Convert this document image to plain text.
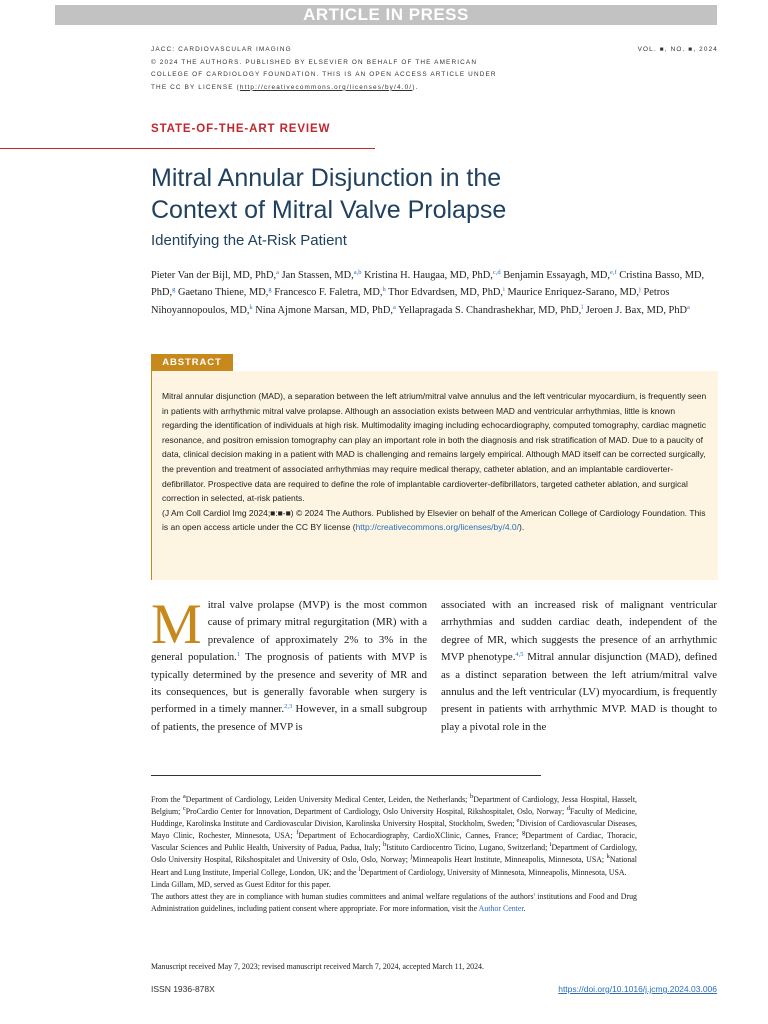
ARTICLE IN PRESS
JACC: CARDIOVASCULAR IMAGING
© 2024 THE AUTHORS. PUBLISHED BY ELSEVIER ON BEHALF OF THE AMERICAN
COLLEGE OF CARDIOLOGY FOUNDATION. THIS IS AN OPEN ACCESS ARTICLE UNDER
THE CC BY LICENSE (http://creativecommons.org/licenses/by/4.0/).
VOL. ■, NO. ■, 2024
STATE-OF-THE-ART REVIEW
Mitral Annular Disjunction in the
Context of Mitral Valve Prolapse
Identifying the At-Risk Patient
Pieter Van der Bijl, MD, PhD,$^a$ Jan Stassen, MD,$^{a,b}$ Kristina H. Haugaa, MD, PhD,$^{c,d}$ Benjamin Essayagh, MD,$^{e,f}$ Cristina Basso, MD, PhD,$^g$ Gaetano Thiene, MD,$^g$ Francesco F. Faletra, MD,$^h$ Thor Edvardsen, MD, PhD,$^i$ Maurice Enriquez-Sarano, MD,$^j$ Petros Nihoyannopoulos, MD,$^k$ Nina Ajmone Marsan, MD, PhD,$^a$ Yellapragada S. Chandrashekhar, MD, PhD,$^l$ Jeroen J. Bax, MD, PhD$^a$
ABSTRACT
Mitral annular disjunction (MAD), a separation between the left atrium/mitral valve annulus and the left ventricular myocardium, is frequently seen in patients with arrhythmic mitral valve prolapse. Although an association exists between MAD and ventricular arrhythmias, little is known regarding the identification of individuals at high risk. Multimodality imaging including echocardiography, computed tomography, cardiac magnetic resonance, and positron emission tomography can play an important role in both the diagnosis and risk stratification of MAD. Due to a paucity of data, clinical decision making in a patient with MAD is challenging and remains largely empirical. Although MAD itself can be corrected surgically, the prevention and treatment of associated arrhythmias may require medical therapy, catheter ablation, and an implantable cardioverter-defibrillator. Prospective data are required to define the role of implantable cardioverter-defibrillators, targeted catheter ablation, and surgical correction in selected, at-risk patients.
(J Am Coll Cardiol Img 2024;■:■-■) © 2024 The Authors. Published by Elsevier on behalf of the American College of Cardiology Foundation. This is an open access article under the CC BY license (http://creativecommons.org/licenses/by/4.0/).
Mitral valve prolapse (MVP) is the most common cause of primary mitral regurgitation (MR) with a prevalence of approximately 2% to 3% in the general population.$^1$ The prognosis of patients with MVP is typically determined by the presence and severity of MR and its consequences, but is generally favorable when surgery is performed in a timely manner.$^{2,3}$ However, in a small subgroup of patients, the presence of MVP is
associated with an increased risk of malignant ventricular arrhythmias and sudden cardiac death, independent of the degree of MR, which suggests the presence of an arrhythmic MVP phenotype.$^{4,5}$ Mitral annular disjunction (MAD), defined as a distinct separation between the left atrium/mitral valve annulus and the left ventricular (LV) myocardium, is frequently present in patients with arrhythmic MVP. MAD is thought to play a pivotal role in the

From the $^a$Department of Cardiology, Leiden University Medical Center, Leiden, the Netherlands; $^b$Department of Cardiology, Jessa Hospital, Hasselt, Belgium; $^c$ProCardio Center for Innovation, Department of Cardiology, Oslo University Hospital, Rikshospitalet, Oslo, Norway; $^d$Faculty of Medicine, Huddinge, Karolinska Institute and Cardiovascular Division, Karolinska University Hospital, Stockholm, Sweden; $^e$Division of Cardiovascular Diseases, Mayo Clinic, Rochester, Minnesota, USA; $^f$Department of Echocardiography, CardioXClinic, Cannes, France; $^g$Department of Cardiac, Thoracic, Vascular Sciences and Public Health, University of Padua, Padua, Italy; $^h$Istituto Cardiocentro Ticino, Lugano, Switzerland; $^i$Department of Cardiology, Oslo University Hospital, Rikshospitalet and University of Oslo, Oslo, Norway; $^j$Minneapolis Heart Institute, Minneapolis, Minnesota, USA; $^k$National Heart and Lung Institute, Imperial College, London, UK; and the $^l$Department of Cardiology, University of Minnesota, Minneapolis, Minnesota, USA.

Linda Gillam, MD, served as Guest Editor for this paper.

The authors attest they are in compliance with human studies committees and animal welfare regulations of the authors' institutions and Food and Drug Administration guidelines, including patient consent where appropriate. For more information, visit the Author Center.

Manuscript received May 7, 2023; revised manuscript received March 7, 2024, accepted March 11, 2024.
ISSN 1936-878X	https://doi.org/10.1016/j.jcmg.2024.03.006
